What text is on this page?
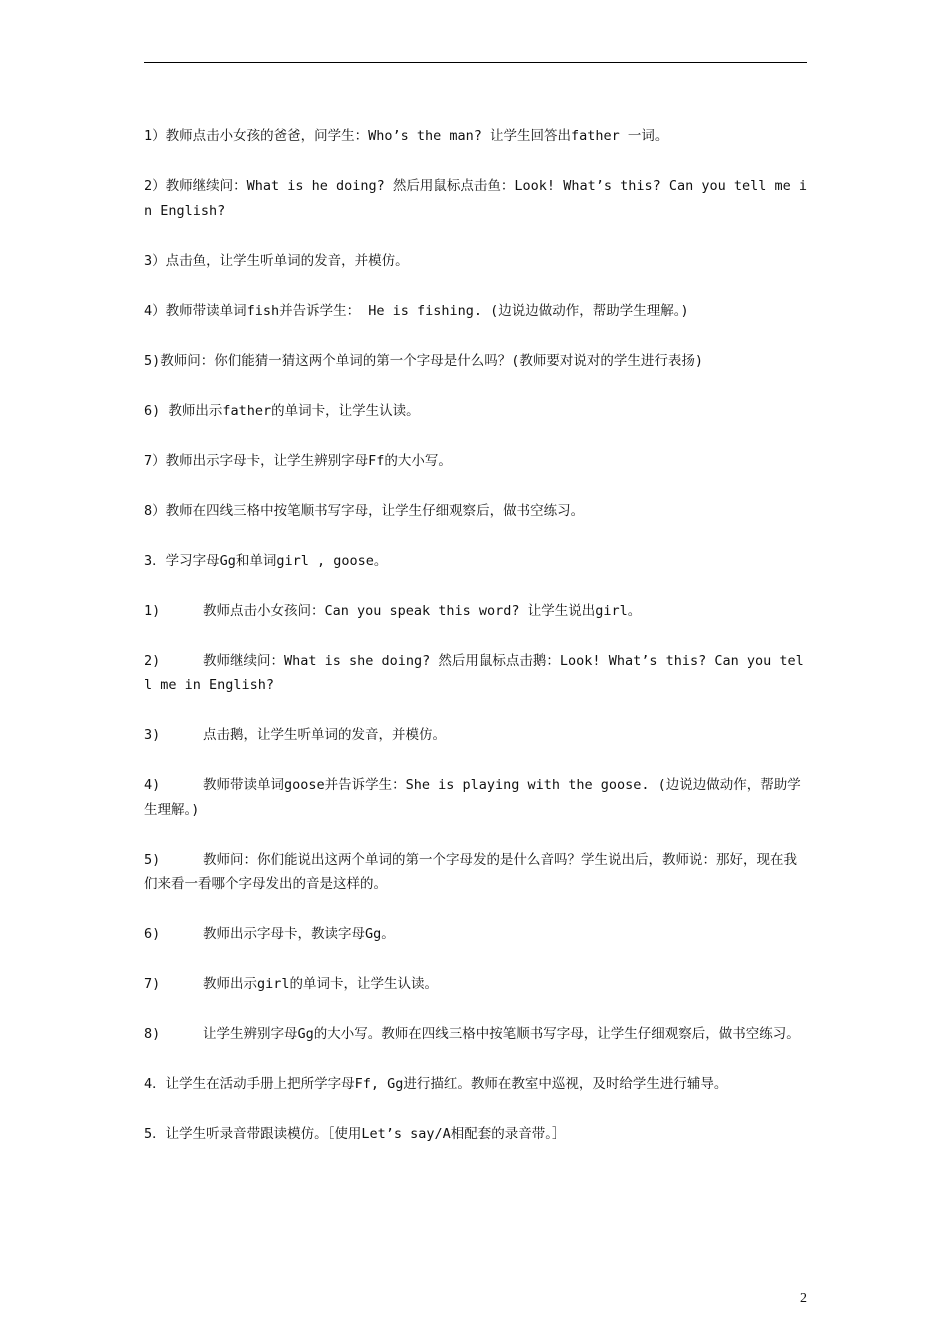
1）教师点击小女孩的爸爸，问学生：Who’s the man? 让学生回答出father 一词。

2）教师继续问：What is he doing? 然后用鼠标点击鱼：Look! What’s this? Can you tell me in English?

3）点击鱼，让学生听单词的发音，并模仿。

4）教师带读单词fish并告诉学生： He is fishing. (边说边做动作，帮助学生理解。)

5)教师问：你们能猜一猜这两个单词的第一个字母是什么吗？(教师要对说对的学生进行表扬)

6) 教师出示father的单词卡，让学生认读。

7）教师出示字母卡，让学生辨别字母Ff的大小写。

8）教师在四线三格中按笔顺书写字母，让学生仔细观察后，做书空练习。

3．学习字母Gg和单词girl , goose。

1)	教师点击小女孩问：Can you speak this word? 让学生说出girl。

2)	教师继续问：What is she doing? 然后用鼠标点击鹅：Look! What’s this? Can you tell me in English?

3)	点击鹅，让学生听单词的发音，并模仿。

4)	教师带读单词goose并告诉学生：She is playing with the goose. (边说边做动作，帮助学生理解。)

5)	教师问：你们能说出这两个单词的第一个字母发的是什么音吗？学生说出后，教师说：那好，现在我们来看一看哪个字母发出的音是这样的。

6)	教师出示字母卡，教读字母Gg。

7)	教师出示girl的单词卡，让学生认读。

8)	让学生辨别字母Gg的大小写。教师在四线三格中按笔顺书写字母，让学生仔细观察后，做书空练习。

4．让学生在活动手册上把所学字母Ff, Gg进行描红。教师在教室中巡视，及时给学生进行辅导。

5．让学生听录音带跟读模仿。［使用Let’s say/A相配套的录音带。］

2
